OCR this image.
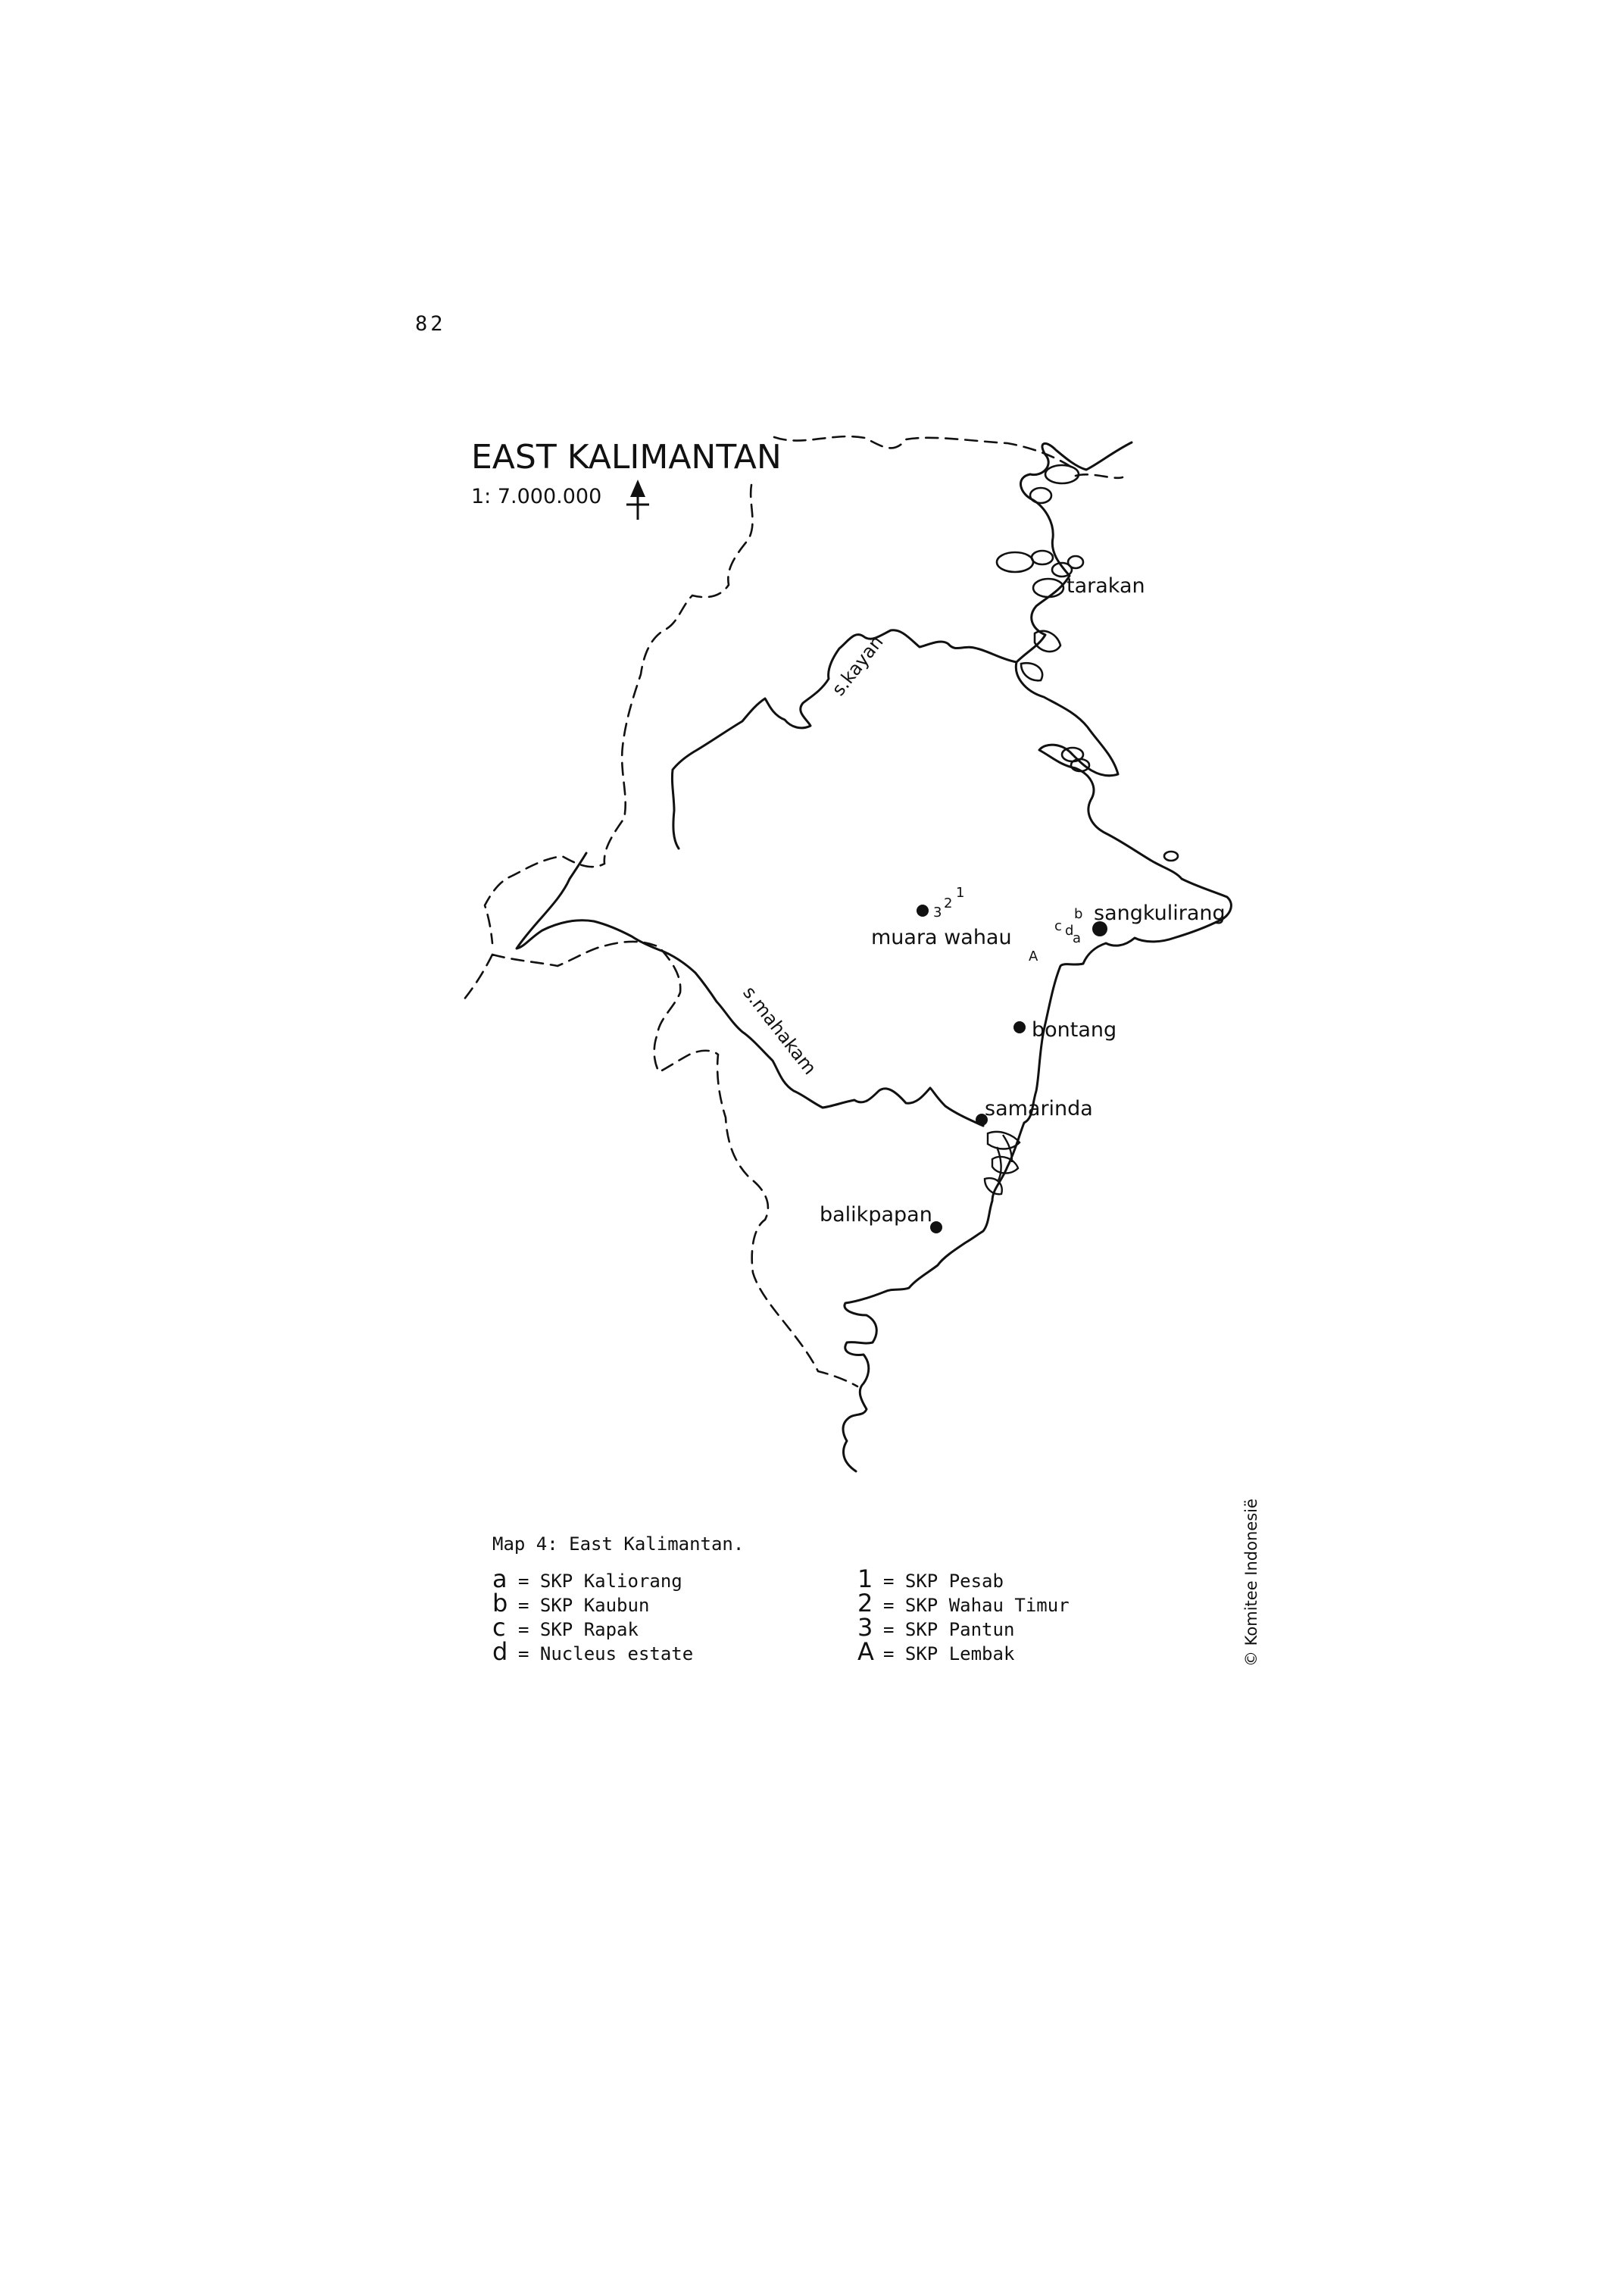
82
EAST KALIMANTAN
1: 7.000.000
tarakan
sangkulirang
muara wahau
bontang
samarinda
balikpapan
3
2
1
A
c d
b
a
s.kayan
s.mahakam
Map 4: East Kalimantan.
a = SKP Kaliorang
b = SKP Kaubun
c = SKP Rapak
d = Nucleus estate
1 = SKP Pesab
2 = SKP Wahau Timur
3 = SKP Pantun
A = SKP Lembak	© Komitee Indonesië
